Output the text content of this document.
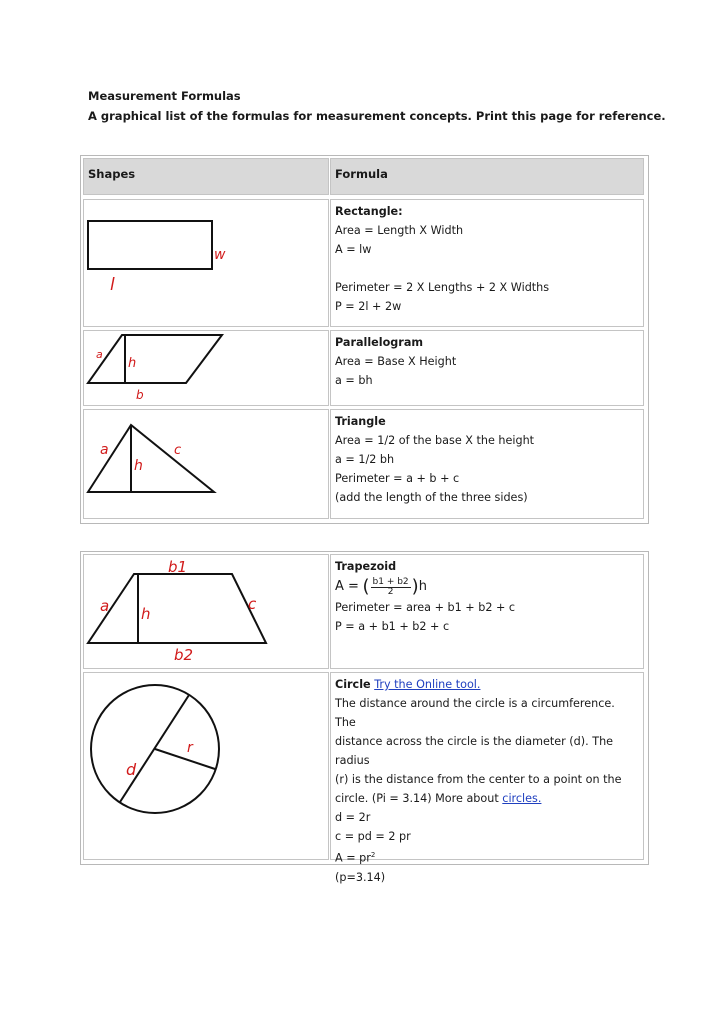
Measurement Formulas
A graphical list of the formulas for measurement concepts. Print this page for reference.
Shapes	Formula
w
l
Rectangle:
Area = Length X Width
A = lw
Perimeter = 2 X Lengths + 2 X Widths
P = 2l + 2w
a
h
b
Parallelogram
Area = Base X Height
a = bh
a
h
c
Triangle
Area = 1/2 of the base X the height
a = 1/2 bh
Perimeter = a + b + c
(add the length of the three sides)
b1
b2
a h
c
Trapezoid
A = ( $\frac{b1 + b2}{2} )h$
Perimeter = area + b1 + b2 + c
P = a + b1 + b2 + c
r
d
Circle Try the Online tool.
The distance around the circle is a circumference. The
distance across the circle is the diameter (d). The radius
(r) is the distance from the center to a point on the
circle. (Pi = 3.14) More about circles.
d = 2r
c = pd = 2 pr
$A = pr^2$
(p=3.14)
